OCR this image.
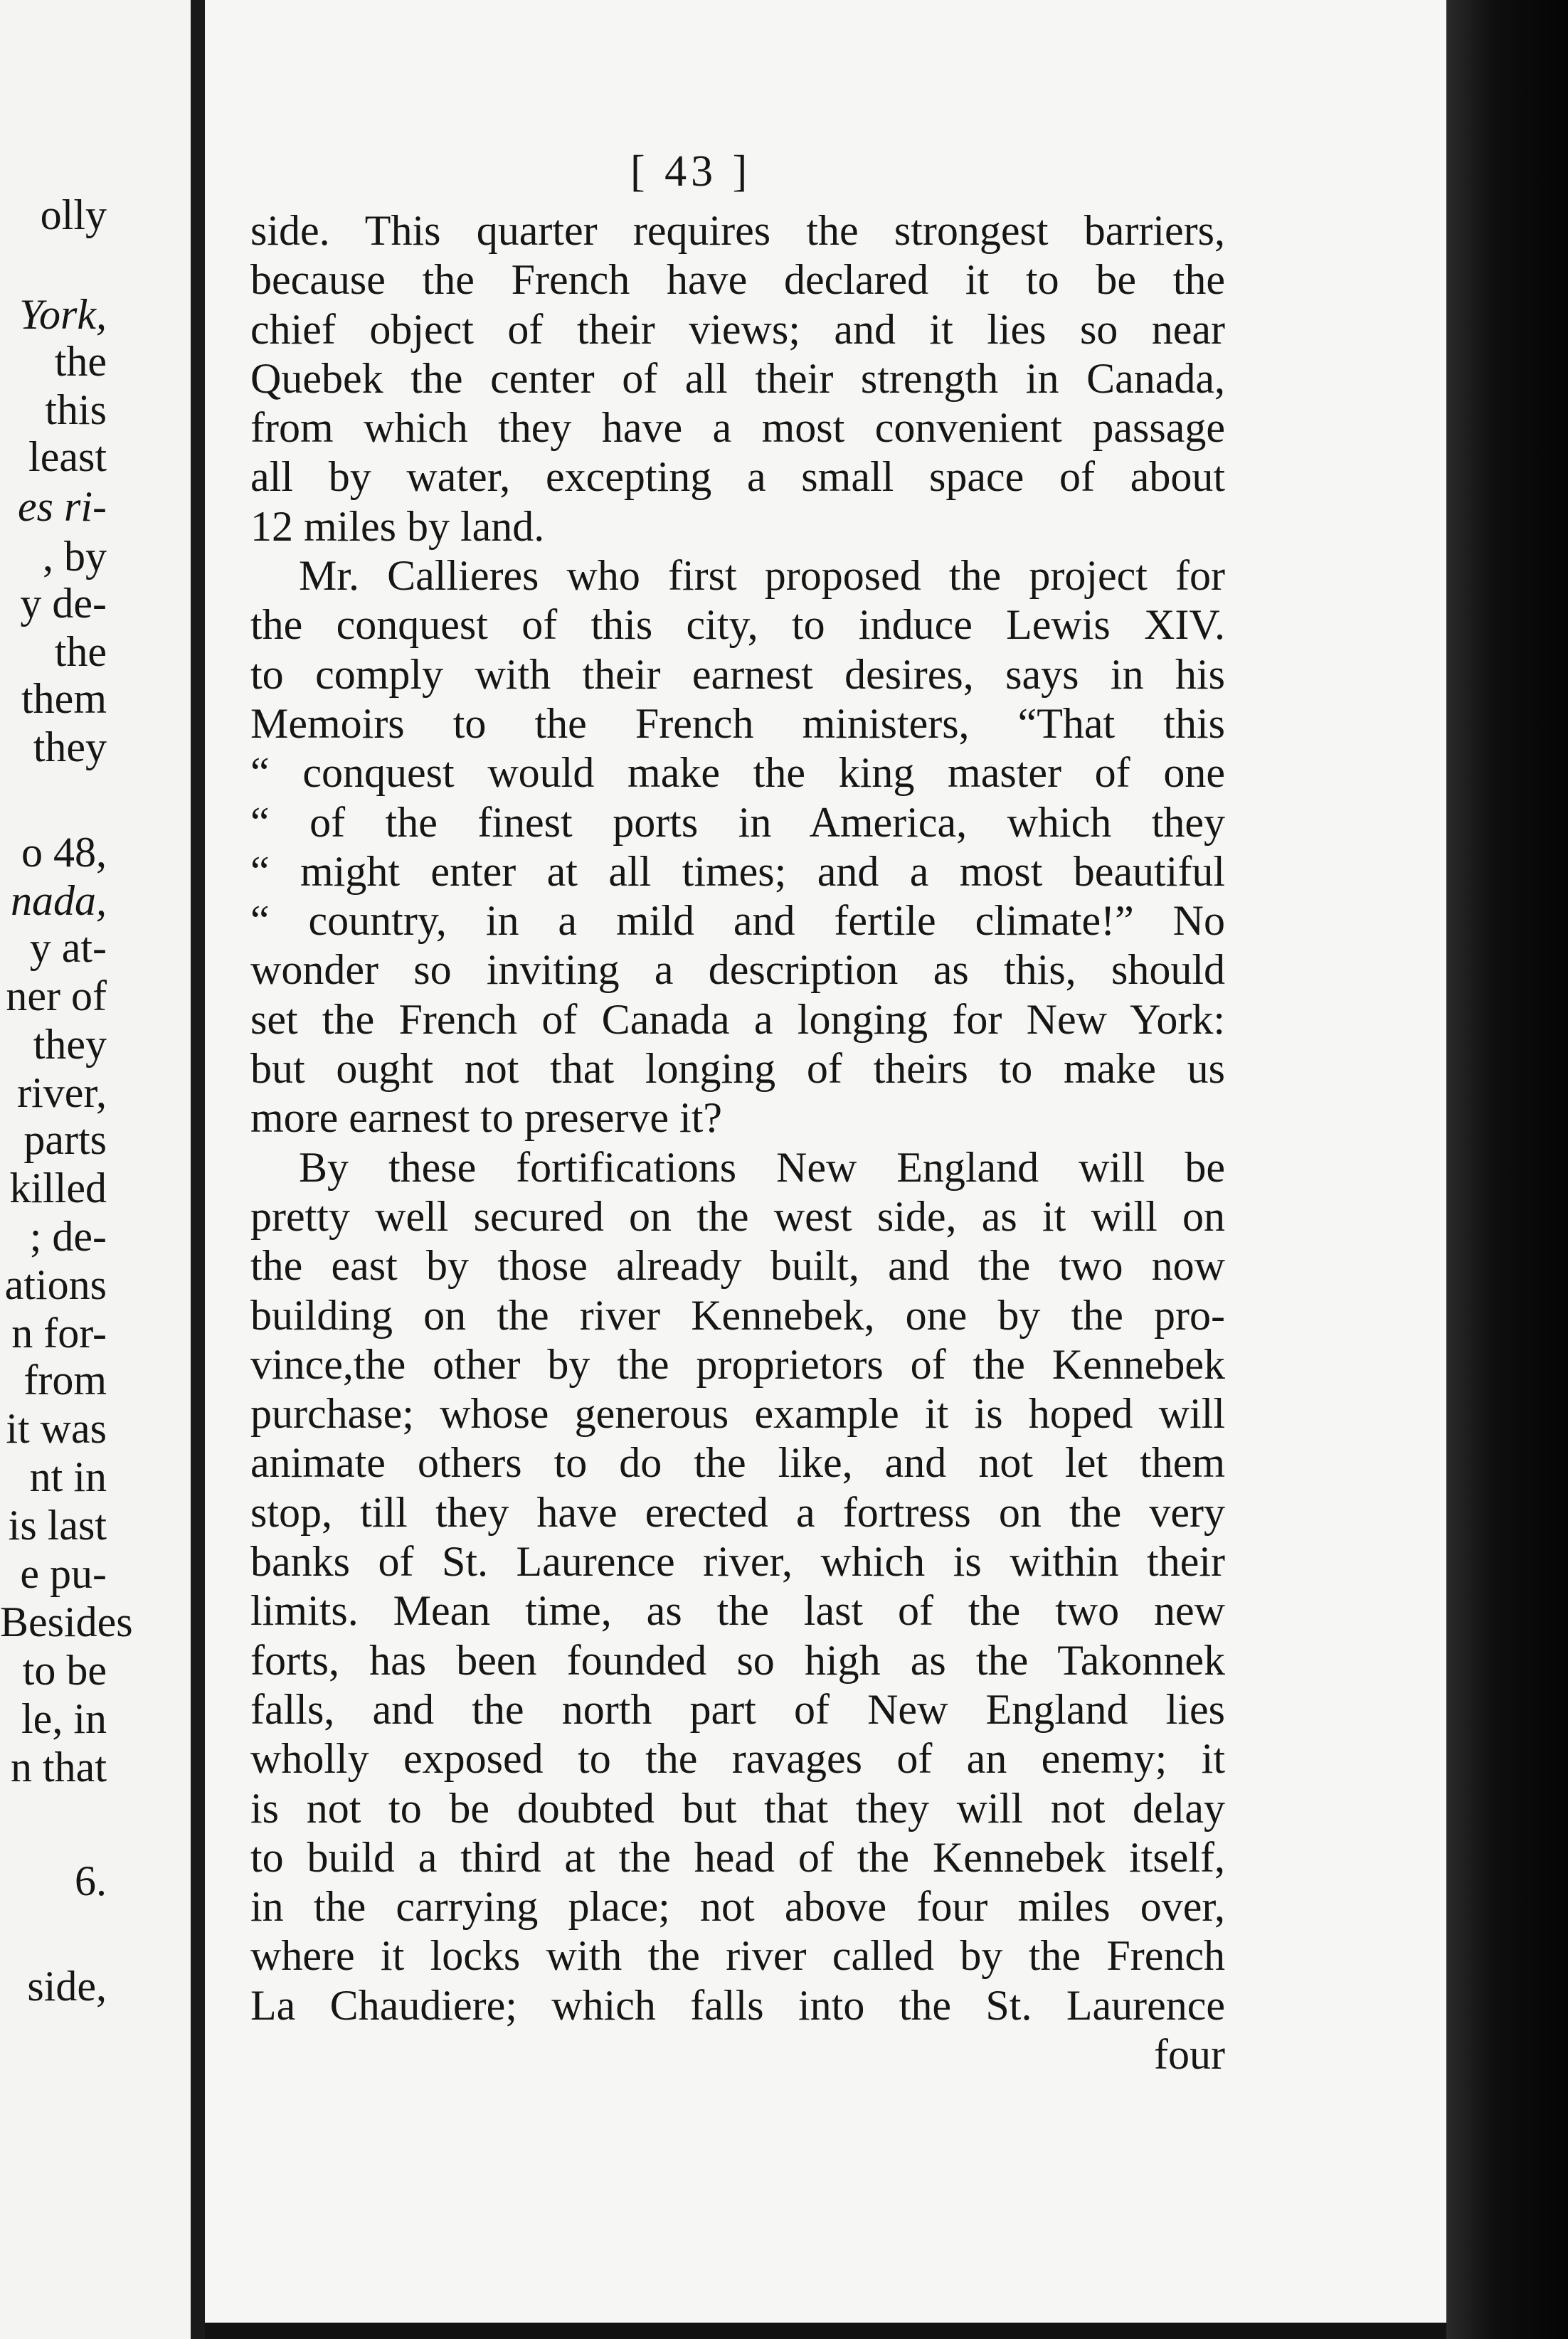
olly
York,
the
this
least
es ri-
, by
y de-
the
them
they
o 48,
nada,
y at-
ner of
they
river,
parts
killed
; de-
ations
n for-
from
it was
nt in
is last
e pu-
Besides
to be
le, in
n that
6.
side,
[ 43 ]
side. This quarter requires the strongest barriers,
because the French have declared it to be the
chief object of their views; and it lies so near
Quebek the center of all their strength in Canada,
from which they have a most convenient passage
all by water, excepting a small space of about
12 miles by land.
Mr. Callieres who first proposed the project for
the conquest of this city, to induce Lewis XIV.
to comply with their earnest desires, says in his
Memoirs to the French ministers, “That this
“ conquest would make the king master of one
“ of the finest ports in America, which they
“ might enter at all times; and a most beautiful
“ country, in a mild and fertile climate!” No
wonder so inviting a description as this, should
set the French of Canada a longing for New York:
but ought not that longing of theirs to make us
more earnest to preserve it?
By these fortifications New England will be
pretty well secured on the west side, as it will on
the east by those already built, and the two now
building on the river Kennebek, one by the pro-
vince,the other by the proprietors of the Kennebek
purchase; whose generous example it is hoped will
animate others to do the like, and not let them
stop, till they have erected a fortress on the very
banks of St. Laurence river, which is within their
limits. Mean time, as the last of the two new
forts, has been founded so high as the Takonnek
falls, and the north part of New England lies
wholly exposed to the ravages of an enemy; it
is not to be doubted but that they will not delay
to build a third at the head of the Kennebek itself,
in the carrying place; not above four miles over,
where it locks with the river called by the French
La Chaudiere; which falls into the St. Laurence
four
